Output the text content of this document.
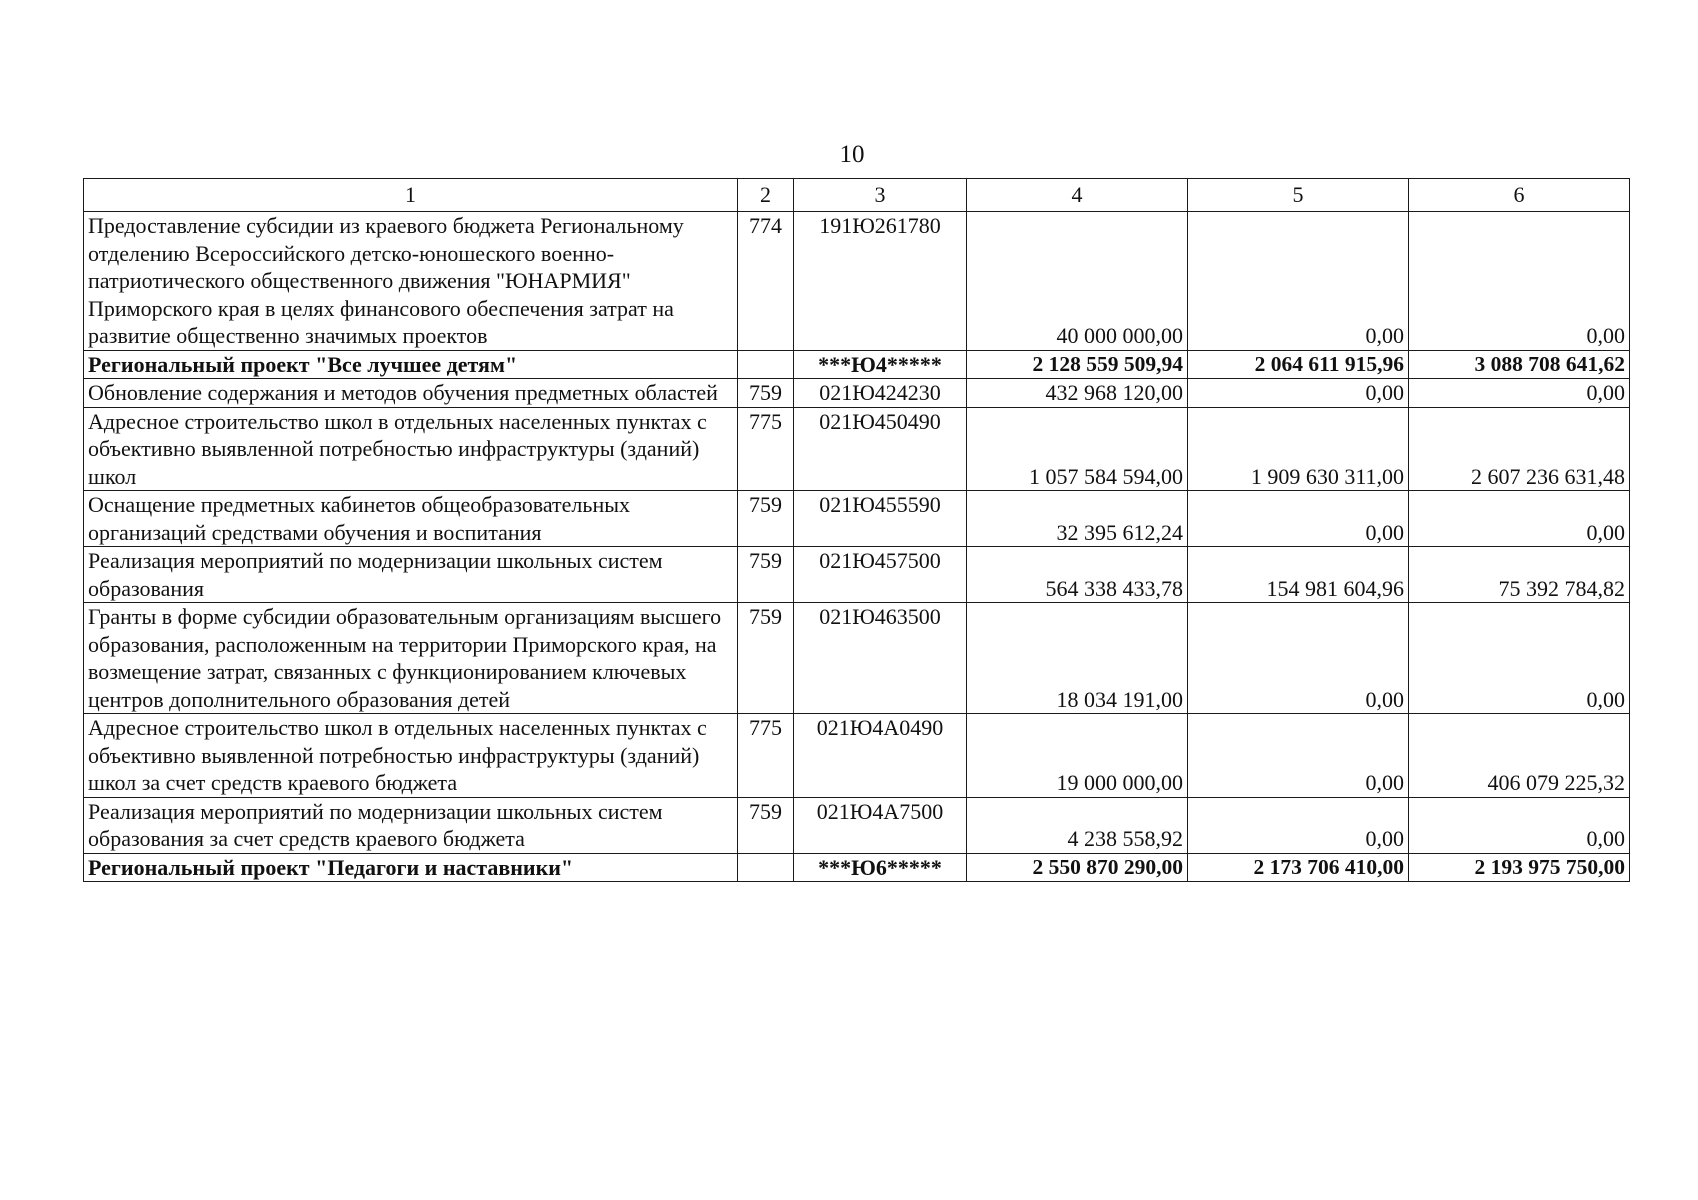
10
1	2	3	4	5	6
Предоставление субсидии из краевого бюджета Региональному отделению Всероссийского детско-юношеского военно-патриотического общественного движения "ЮНАРМИЯ" Приморского края в целях финансового обеспечения затрат на развитие общественно значимых проектов	774	191Ю261780	40 000 000,00	0,00	0,00
Региональный проект "Все лучшее детям"		***Ю4*****	2 128 559 509,94	2 064 611 915,96	3 088 708 641,62
Обновление содержания и методов обучения предметных областей	759	021Ю424230	432 968 120,00	0,00	0,00
Адресное строительство школ в отдельных населенных пунктах с объективно выявленной потребностью инфраструктуры (зданий) школ	775	021Ю450490	1 057 584 594,00	1 909 630 311,00	2 607 236 631,48
Оснащение предметных кабинетов общеобразовательных организаций средствами обучения и воспитания	759	021Ю455590	32 395 612,24	0,00	0,00
Реализация мероприятий по модернизации школьных систем образования	759	021Ю457500	564 338 433,78	154 981 604,96	75 392 784,82
Гранты в форме субсидии образовательным организациям высшего образования, расположенным на территории Приморского края, на возмещение затрат, связанных с функционированием ключевых центров дополнительного образования детей	759	021Ю463500	18 034 191,00	0,00	0,00
Адресное строительство школ в отдельных населенных пунктах с объективно выявленной потребностью инфраструктуры (зданий) школ за счет средств краевого бюджета	775	021Ю4А0490	19 000 000,00	0,00	406 079 225,32
Реализация мероприятий по модернизации школьных систем образования за счет средств краевого бюджета	759	021Ю4А7500	4 238 558,92	0,00	0,00
Региональный проект "Педагоги и наставники"		***Ю6*****	2 550 870 290,00	2 173 706 410,00	2 193 975 750,00
